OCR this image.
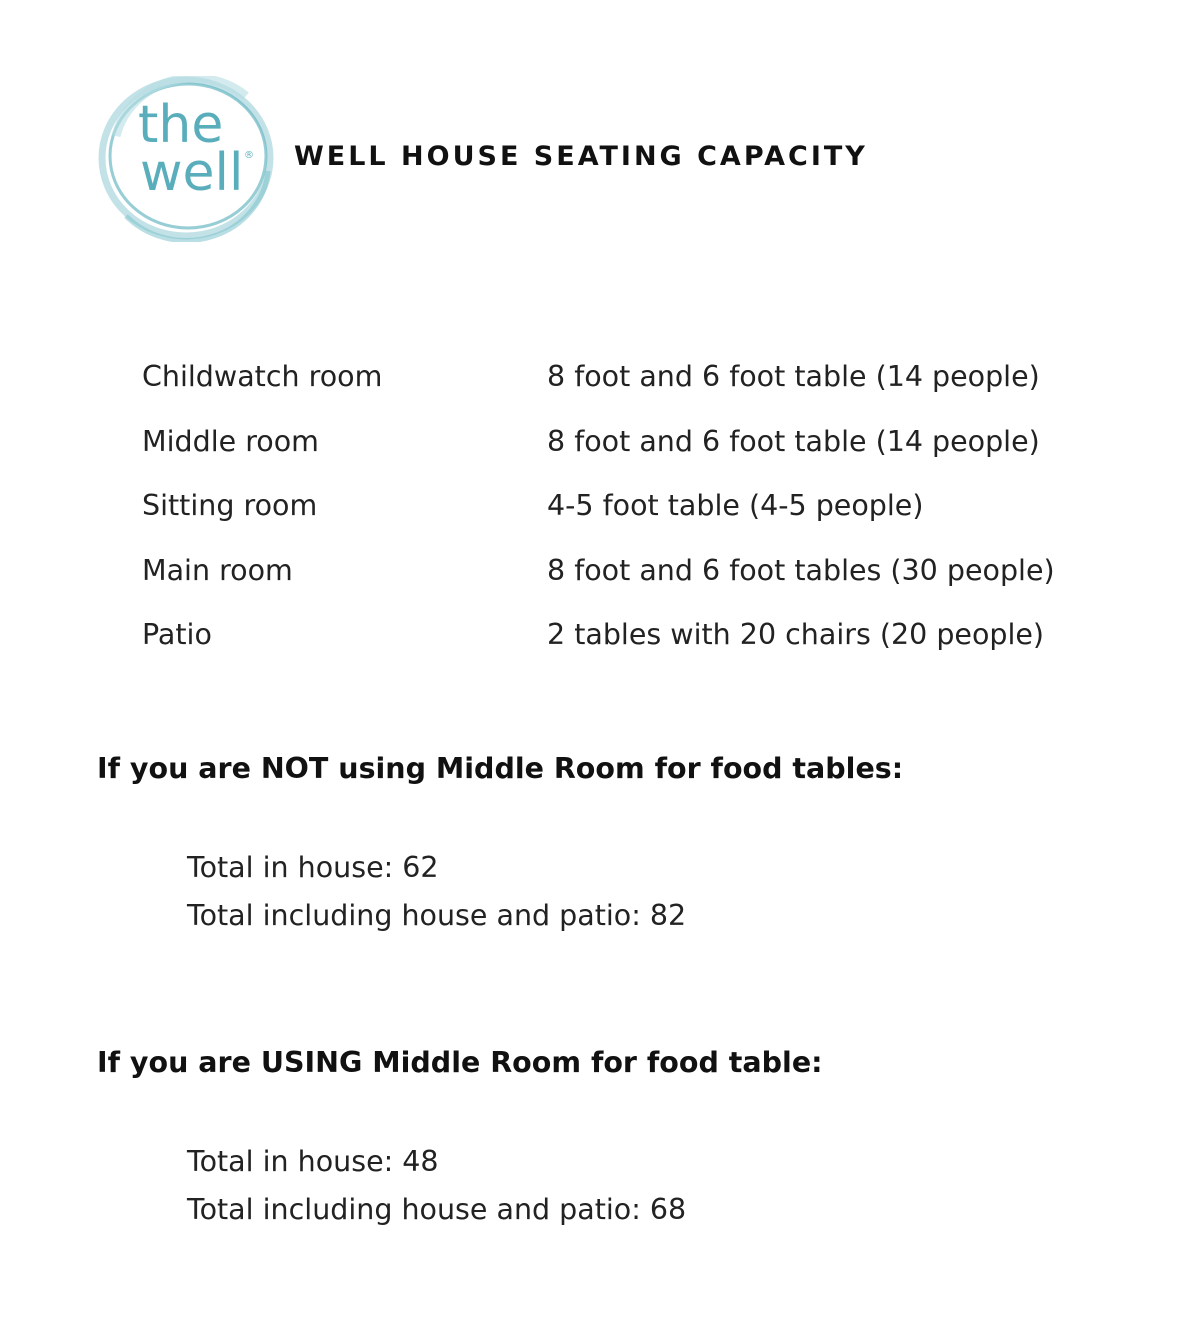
the
well ® WELL HOUSE SEATING CAPACITY
Childwatch room	8 foot and 6 foot table (14 people)
Middle room	8 foot and 6 foot table (14 people)
Sitting room	4-5 foot table (4-5 people)
Main room	8 foot and 6 foot tables (30 people)
Patio	2 tables with 20 chairs (20 people)
If you are NOT using Middle Room for food tables:
Total in house: 62
Total including house and patio: 82
If you are USING Middle Room for food table:
Total in house: 48
Total including house and patio: 68
